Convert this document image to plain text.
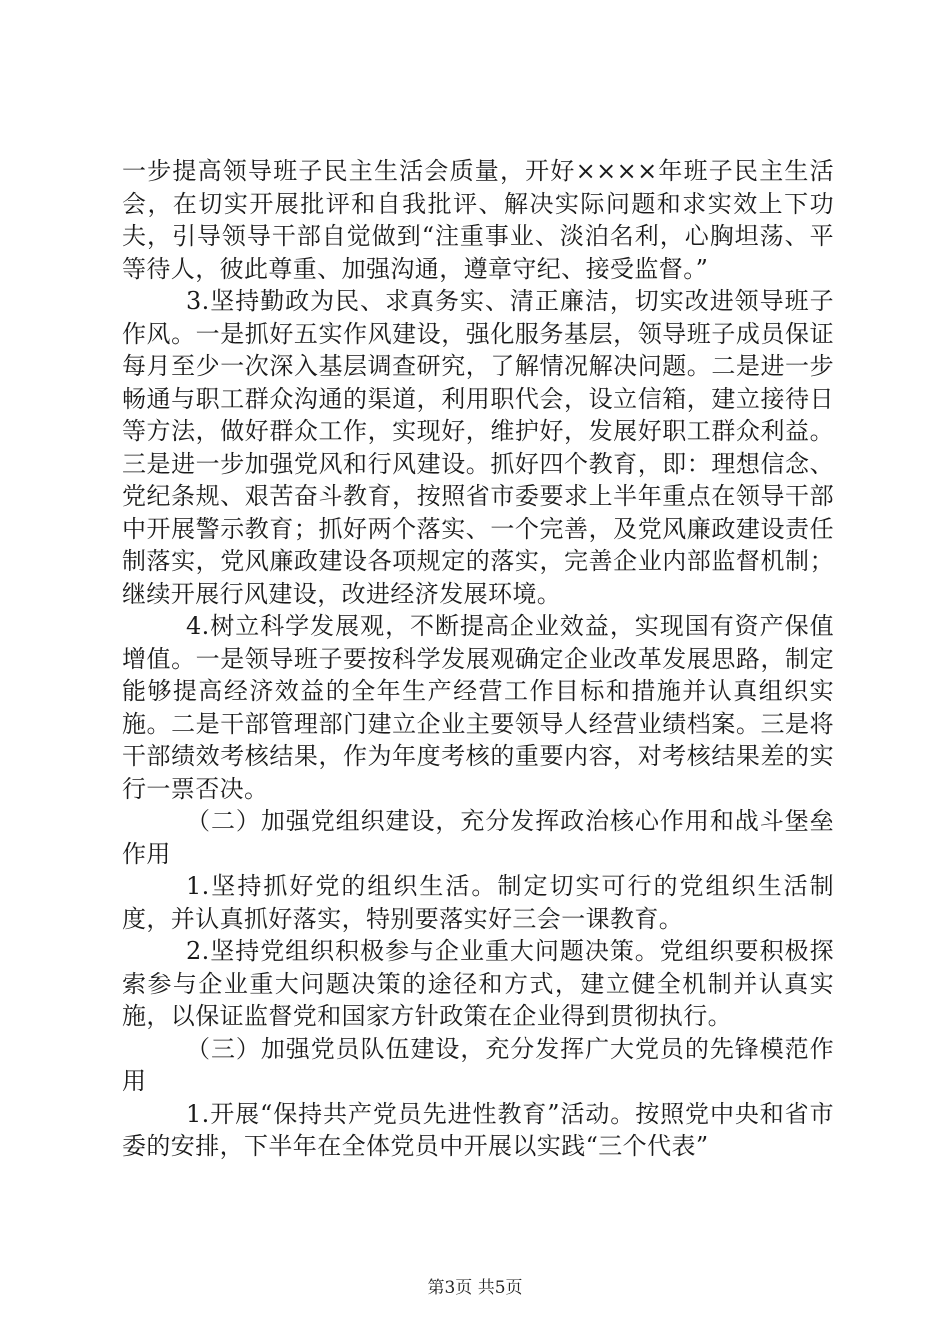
一步提高领导班子民主生活会质量，开好××××年班子民主生活会，在切实开展批评和自我批评、解决实际问题和求实效上下功夫，引导领导干部自觉做到“注重事业、淡泊名利，心胸坦荡、平等待人，彼此尊重、加强沟通，遵章守纪、接受监督。”

3.坚持勤政为民、求真务实、清正廉洁，切实改进领导班子作风。一是抓好五实作风建设，强化服务基层，领导班子成员保证每月至少一次深入基层调查研究，了解情况解决问题。二是进一步畅通与职工群众沟通的渠道，利用职代会，设立信箱，建立接待日等方法，做好群众工作，实现好，维护好，发展好职工群众利益。三是进一步加强党风和行风建设。抓好四个教育，即：理想信念、党纪条规、艰苦奋斗教育，按照省市委要求上半年重点在领导干部中开展警示教育；抓好两个落实、一个完善，及党风廉政建设责任制落实，党风廉政建设各项规定的落实，完善企业内部监督机制；继续开展行风建设，改进经济发展环境。

4.树立科学发展观，不断提高企业效益，实现国有资产保值增值。一是领导班子要按科学发展观确定企业改革发展思路，制定能够提高经济效益的全年生产经营工作目标和措施并认真组织实施。二是干部管理部门建立企业主要领导人经营业绩档案。三是将干部绩效考核结果，作为年度考核的重要内容，对考核结果差的实行一票否决。

（二）加强党组织建设，充分发挥政治核心作用和战斗堡垒作用

1.坚持抓好党的组织生活。制定切实可行的党组织生活制度，并认真抓好落实，特别要落实好三会一课教育。

2.坚持党组织积极参与企业重大问题决策。党组织要积极探索参与企业重大问题决策的途径和方式，建立健全机制并认真实施，以保证监督党和国家方针政策在企业得到贯彻执行。

（三）加强党员队伍建设，充分发挥广大党员的先锋模范作用

1.开展“保持共产党员先进性教育”活动。按照党中央和省市委的安排，下半年在全体党员中开展以实践“三个代表”

第3页 共5页
